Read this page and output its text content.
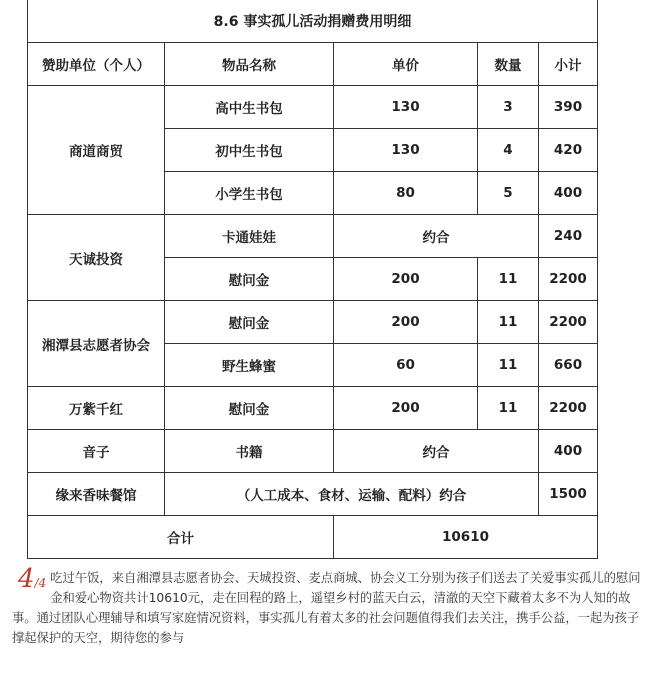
8.6 事实孤儿活动捐赠费用明细				
赞助单位（个人）	物品名称	单价	数量	小计
商道商贸	高中生书包	130	3	390
	初中生书包	130	4	420
	小学生书包	80	5	400
天诚投资	卡通娃娃	约合		240
	慰问金	200	11	2200
湘潭县志愿者协会	慰问金	200	11	2200
	野生蜂蜜	60	11	660
万紫千红	慰问金	200	11	2200
音子	书籍	约合		400
缘来香味餐馆	（人工成本、食材、运输、配料）约合			1500
合计		10610		
4/4 吃过午饭，来自湘潭县志愿者协会、天城投资、麦点商城、协会义工分别为孩子们送去了关爱事实孤儿的慰问金和爱心物资共计10610元，走在回程的路上，遥望乡村的蓝天白云，清澈的天空下藏着太多不为人知的故事。通过团队心理辅导和填写家庭情况资料，事实孤儿有着太多的社会问题值得我们去关注，携手公益，一起为孩子撑起保护的天空，期待您的参与
